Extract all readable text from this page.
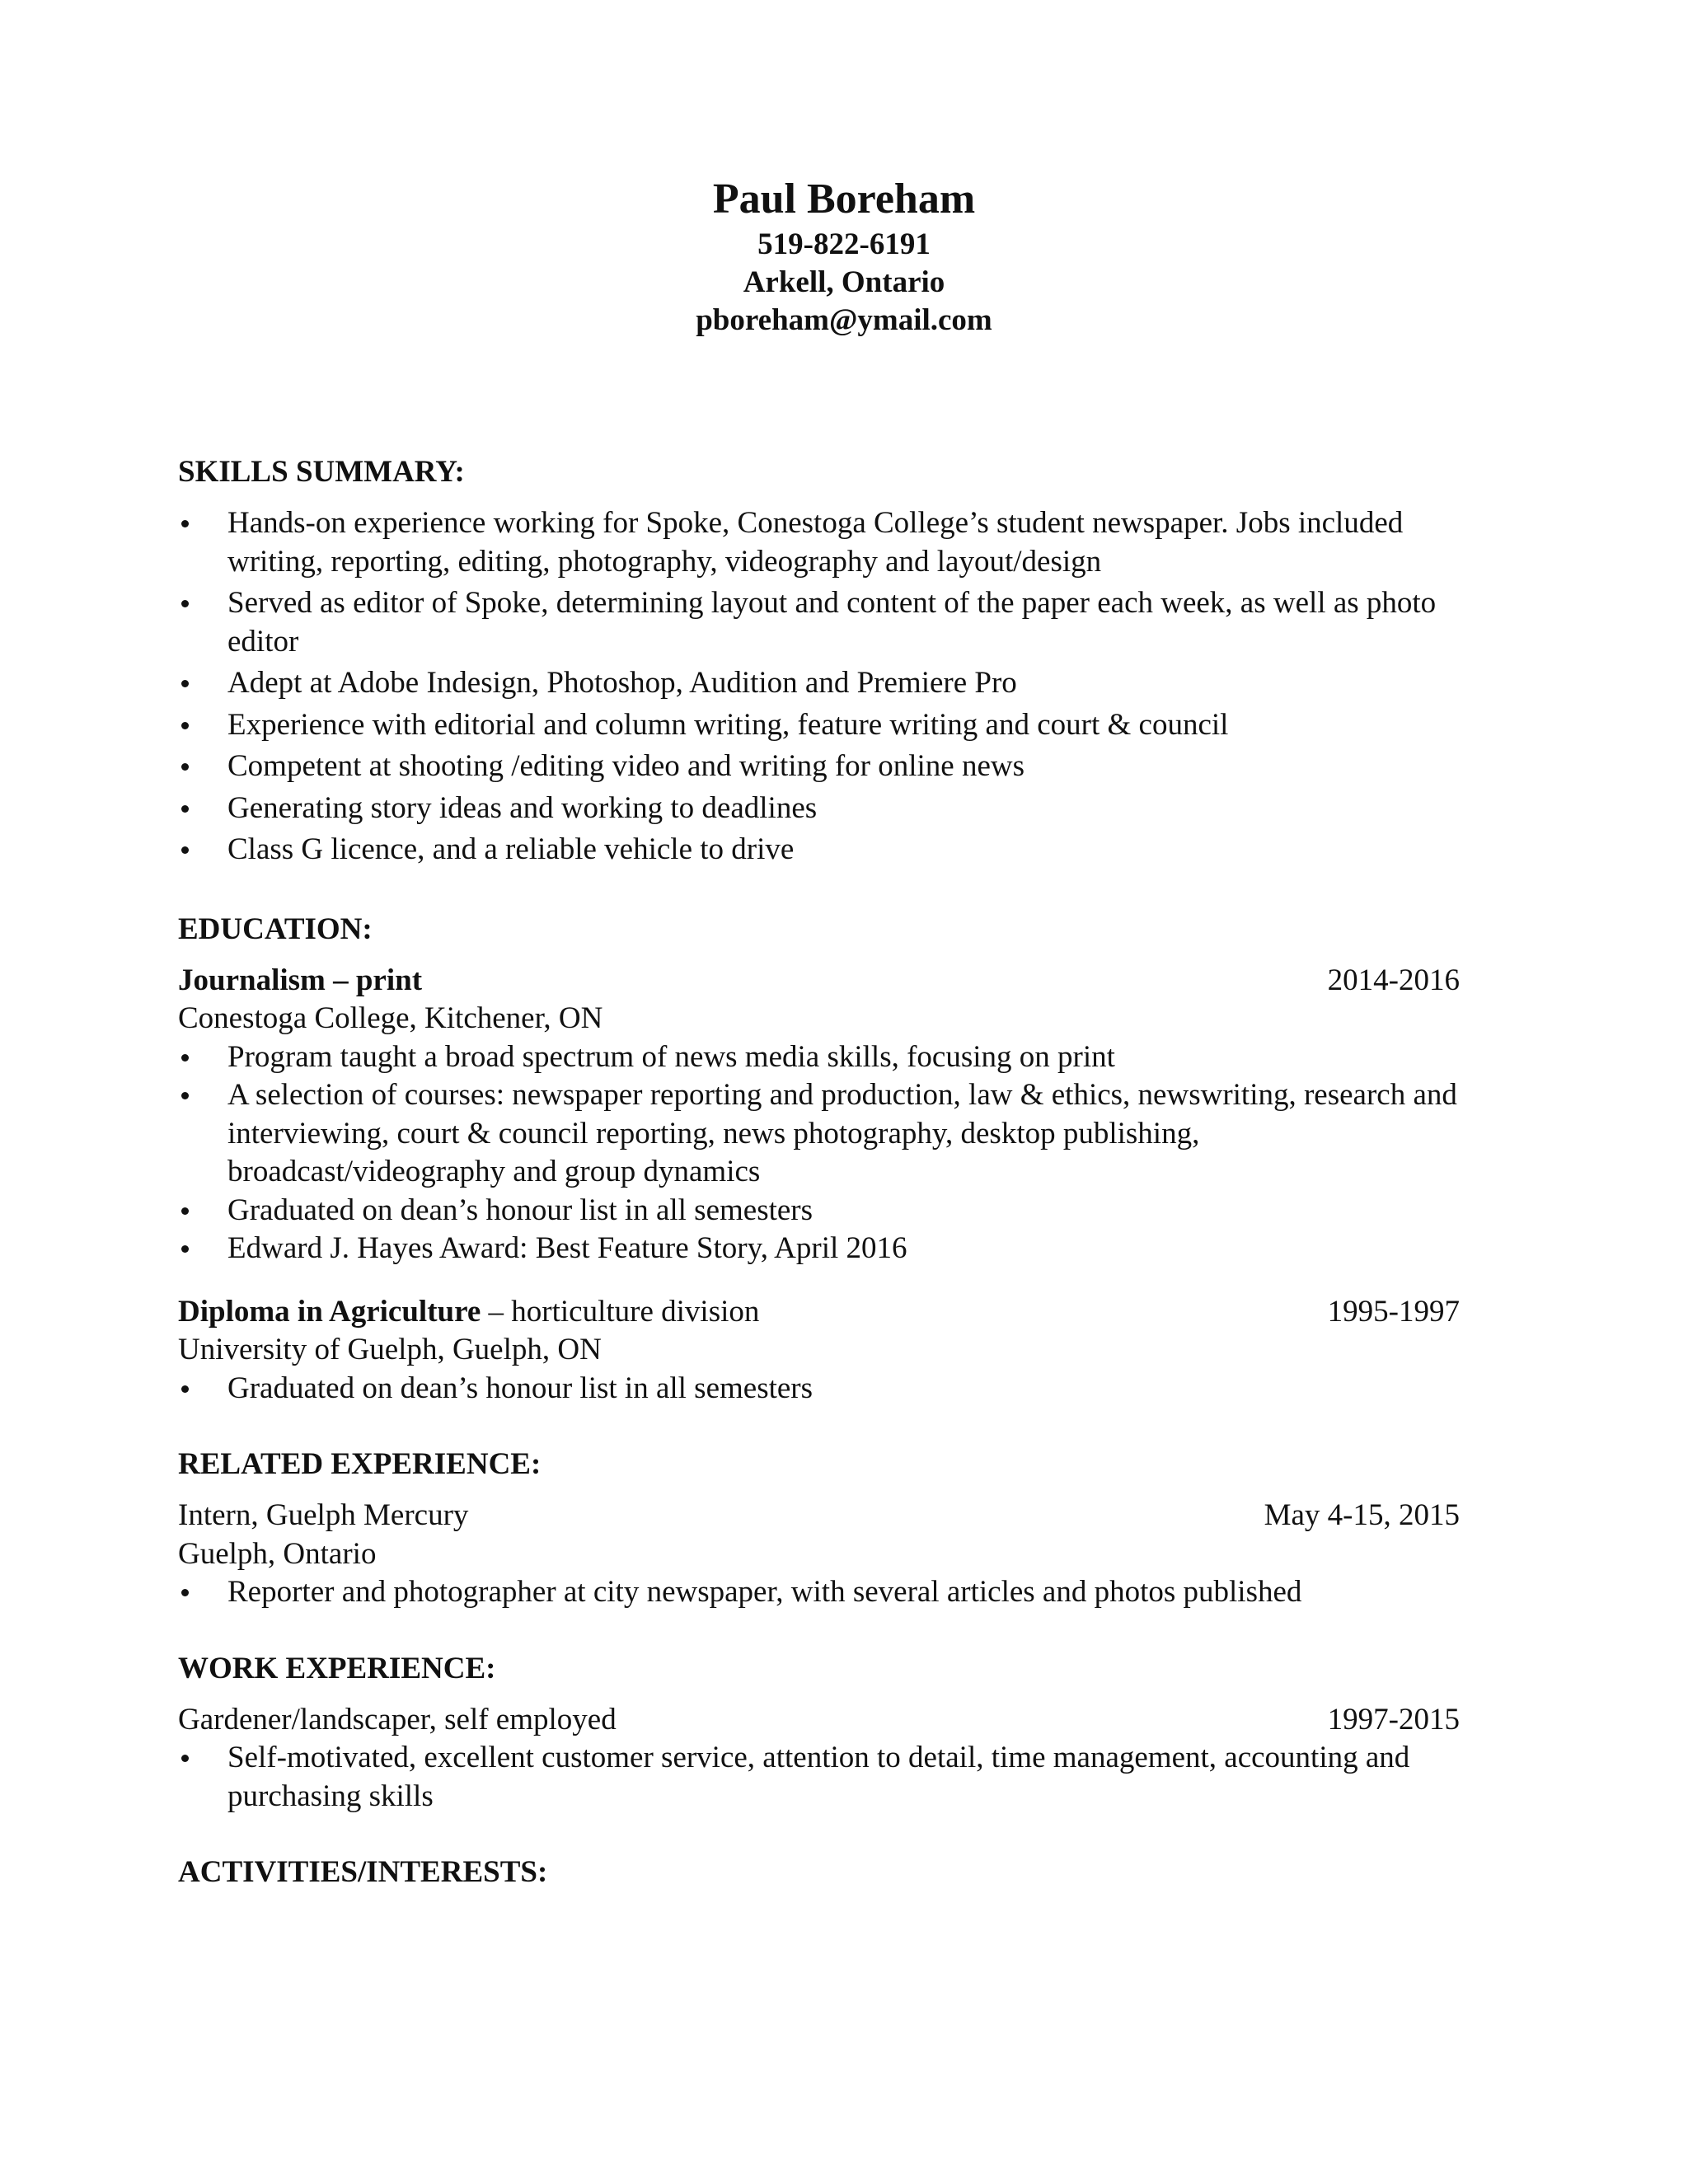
Paul Boreham
519-822-6191
Arkell, Ontario
pboreham@ymail.com
SKILLS SUMMARY:
Hands-on experience working for Spoke, Conestoga College’s student newspaper. Jobs included writing, reporting, editing, photography, videography and layout/design
Served as editor of Spoke, determining layout and content of the paper each week, as well as photo editor
Adept at Adobe Indesign, Photoshop, Audition and Premiere Pro
Experience with editorial and column writing, feature writing and court & council
Competent at shooting /editing video and writing for online news
Generating story ideas and working to deadlines
Class G licence, and a reliable vehicle to drive
EDUCATION:
Journalism – print	2014-2016
Conestoga College, Kitchener, ON
Program taught a broad spectrum of news media skills, focusing on print
A selection of courses: newspaper reporting and production, law & ethics, newswriting, research and interviewing, court & council reporting, news photography, desktop publishing, broadcast/videography and group dynamics
Graduated on dean’s honour list in all semesters
Edward J. Hayes Award: Best Feature Story, April 2016
Diploma in Agriculture – horticulture division	1995-1997
University of Guelph, Guelph, ON
Graduated on dean’s honour list in all semesters
RELATED EXPERIENCE:
Intern, Guelph Mercury	May 4-15, 2015
Guelph, Ontario
Reporter and photographer at city newspaper, with several articles and photos published
WORK EXPERIENCE:
Gardener/landscaper, self employed	1997-2015
Self-motivated, excellent customer service, attention to detail, time management, accounting and purchasing skills
ACTIVITIES/INTERESTS:
